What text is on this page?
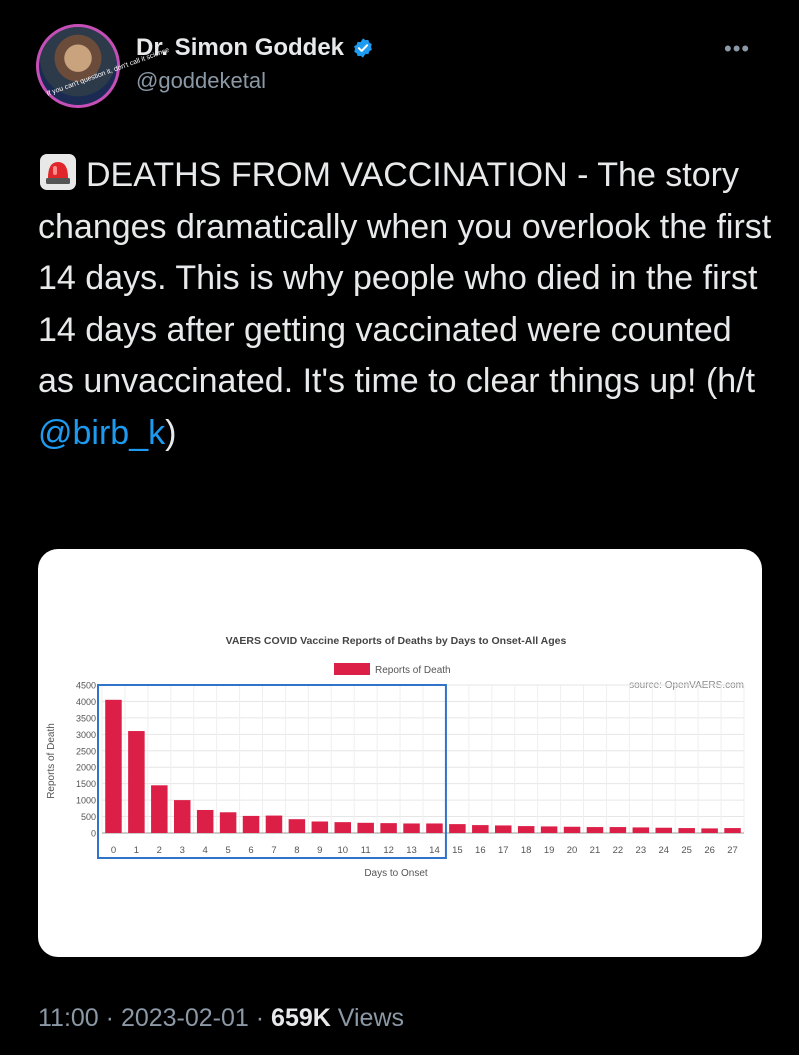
If you can't question it, don't call it science
Dr. Simon Goddek
@goddeketal
•••
DEATHS FROM VACCINATION - The story changes dramatically when you overlook the first 14 days. This is why people who died in the first 14 days after getting vaccinated were counted as unvaccinated. It's time to clear things up! (h/t @birb_k)
VAERS COVID Vaccine Reports of Deaths by Days to Onset-All Ages
Reports of Death
source: OpenVAERS.com
0
500
1000
1500
2000
2500
3000
3500
4000
4500
0 1 2 3 4 5 6 7 8 9 10 11 12 13 14 15 16 17 18 19 20 21 22 23 24 25 26 27
Days to Onset
Reports of Death
11:00 · 2023-02-01 · 659K Views
